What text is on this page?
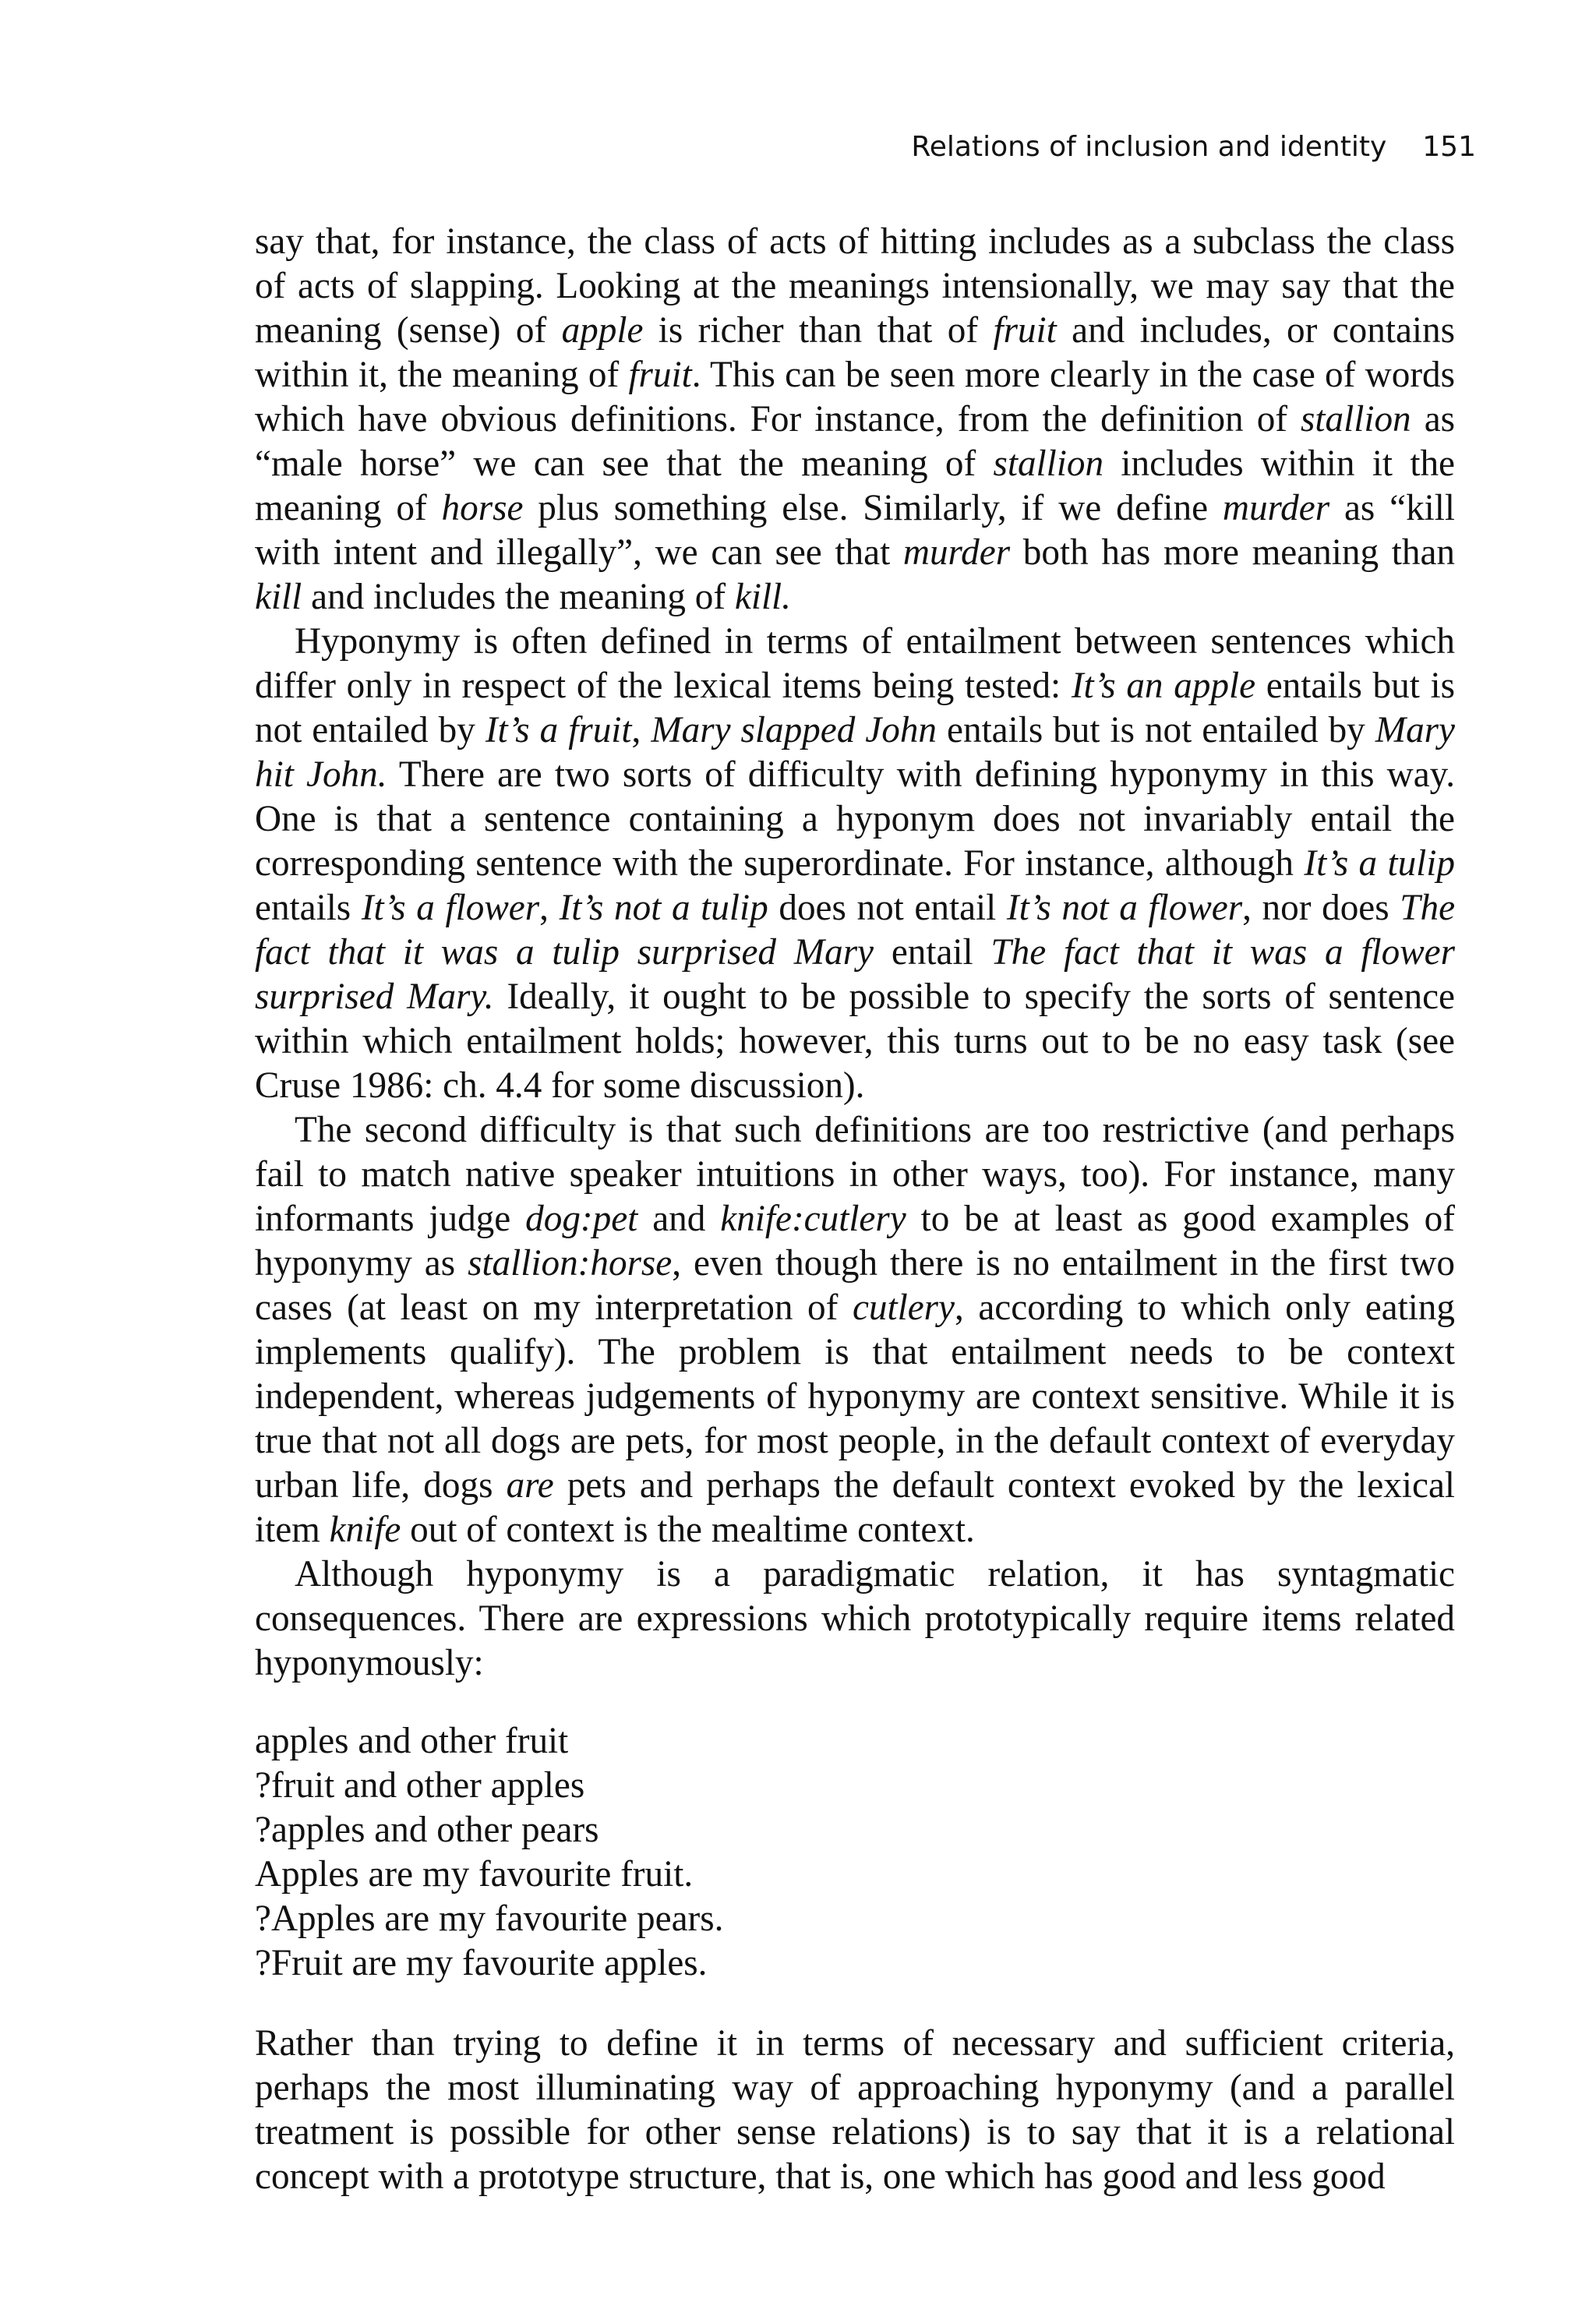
Relations of inclusion and identity 151

say that, for instance, the class of acts of hitting includes as a subclass the class of acts of slapping. Looking at the meanings intensionally, we may say that the meaning (sense) of apple is richer than that of fruit and includes, or contains within it, the meaning of fruit. This can be seen more clearly in the case of words which have obvious definitions. For instance, from the definition of stallion as “male horse” we can see that the meaning of stallion includes within it the meaning of horse plus something else. Similarly, if we define murder as “kill with intent and illegally”, we can see that murder both has more meaning than kill and includes the meaning of kill.

Hyponymy is often defined in terms of entailment between sentences which differ only in respect of the lexical items being tested: It’s an apple entails but is not entailed by It’s a fruit, Mary slapped John entails but is not entailed by Mary hit John. There are two sorts of difficulty with defining hyponymy in this way. One is that a sentence containing a hyponym does not invariably entail the corresponding sentence with the superordinate. For instance, although It’s a tulip entails It’s a flower, It’s not a tulip does not entail It’s not a flower, nor does The fact that it was a tulip surprised Mary entail The fact that it was a flower surprised Mary. Ideally, it ought to be possible to specify the sorts of sentence within which entailment holds; however, this turns out to be no easy task (see Cruse 1986: ch. 4.4 for some discussion).

The second difficulty is that such definitions are too restrictive (and perhaps fail to match native speaker intuitions in other ways, too). For instance, many informants judge dog:pet and knife:cutlery to be at least as good examples of hyponymy as stallion:horse, even though there is no entailment in the first two cases (at least on my interpretation of cutlery, according to which only eating implements qualify). The problem is that entailment needs to be context independent, whereas judgements of hyponymy are context sensitive. While it is true that not all dogs are pets, for most people, in the default context of everyday urban life, dogs are pets and perhaps the default context evoked by the lexical item knife out of context is the mealtime context.

Although hyponymy is a paradigmatic relation, it has syntagmatic consequences. There are expressions which prototypically require items related hyponymously:

apples and other fruit
?fruit and other apples
?apples and other pears
Apples are my favourite fruit.
?Apples are my favourite pears.
?Fruit are my favourite apples.

Rather than trying to define it in terms of necessary and sufficient criteria, perhaps the most illuminating way of approaching hyponymy (and a parallel treatment is possible for other sense relations) is to say that it is a relational concept with a prototype structure, that is, one which has good and less good
